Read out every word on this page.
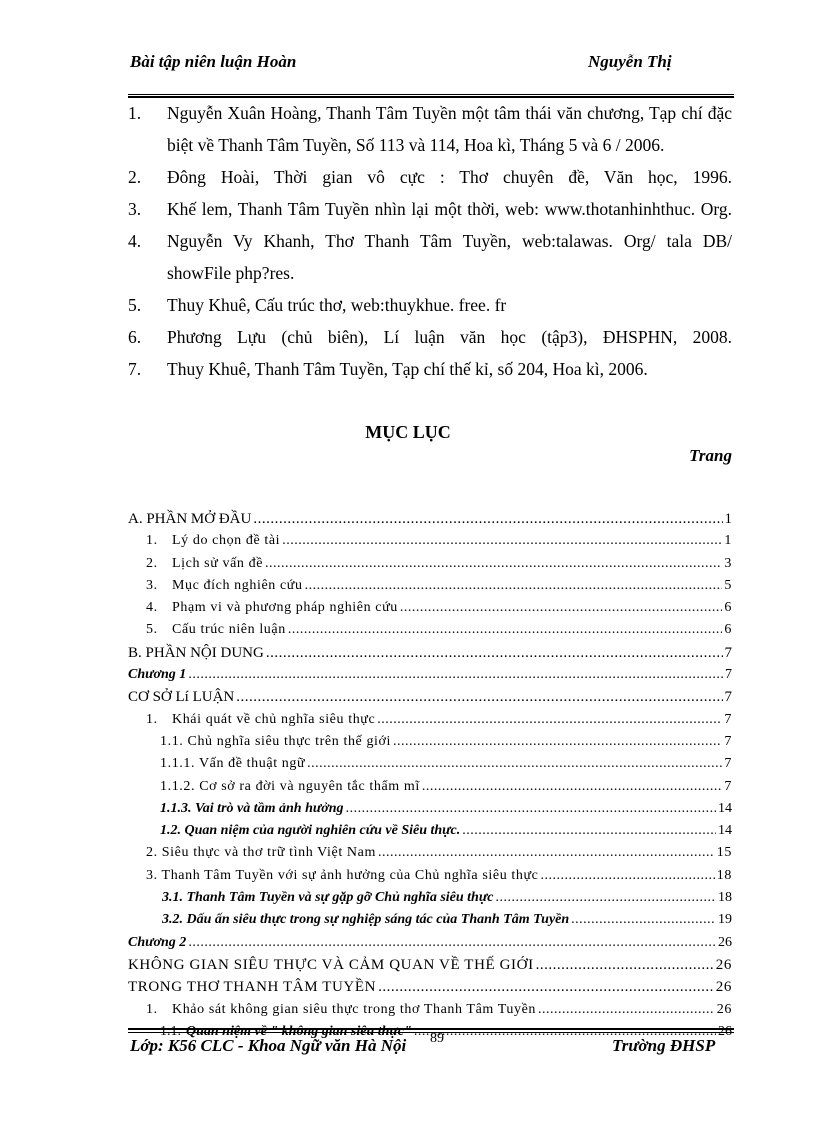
Bài tập niên luận Hoàn	Nguyễn Thị
1. Nguyễn Xuân Hoàng, Thanh Tâm Tuyền một tâm thái văn chương, Tạp chí đặc biệt về Thanh Tâm Tuyền, Số 113 và 114, Hoa kì, Tháng 5 và 6 / 2006.
2. Đông Hoài, Thời gian vô cực : Thơ chuyên đề, Văn học, 1996.
3. Khế lem, Thanh Tâm Tuyền nhìn lại một thời, web: www.thotanhinhthuc. Org.
4. Nguyễn Vy Khanh, Thơ Thanh Tâm Tuyền, web:talawas. Org/ tala DB/ showFile php?res.
5. Thuy Khuê, Cấu trúc thơ, web:thuykhue. free. fr
6. Phương Lựu (chủ biên), Lí luận văn học (tập3), ĐHSPHN, 2008.
7. Thuy Khuê, Thanh Tâm Tuyền, Tạp chí thế kỉ, số 204, Hoa kì, 2006.
MỤC LỤC
Trang
A. PHẦN MỞ ĐẦU .....	1
1. Lý do chọn đề tài .....	1
2. Lịch sử vấn đề .....	3
3. Mục đích nghiên cứu .....	5
4. Phạm vi và phương pháp nghiên cứu .....	6
5. Cấu trúc niên luận .....	6
B. PHẦN NỘI DUNG .....	7
Chương 1 .....	7
CƠ SỞ Lí LUẬN .....	7
1. Khái quát về chủ nghĩa siêu thực .....	7
1.1. Chủ nghĩa siêu thực trên thế giới .....	7
1.1.1. Vấn đề thuật ngữ .....	7
1.1.2. Cơ sở ra đời và nguyên tắc thẩm mĩ .....	7
1.1.3. Vai trò và tầm ảnh hưởng .....	14
1.2. Quan niệm của người nghiên cứu về Siêu thực. .....	14
2. Siêu thực và thơ trữ tình Việt Nam .....	15
3. Thanh Tâm Tuyền với sự ảnh hưởng của Chủ nghĩa siêu thực .....	18
3.1. Thanh Tâm Tuyền và sự gặp gỡ Chủ nghĩa siêu thực .....	18
3.2. Dấu ấn siêu thực trong sự nghiệp sáng tác của Thanh Tâm Tuyền .....	19
Chương 2 .....	26
KHÔNG GIAN SIÊU THỰC VÀ CẢM QUAN VỀ THẾ GIỚI .....	26
TRONG THƠ THANH TÂM TUYỀN .....	26
1. Khảo sát không gian siêu thực trong thơ Thanh Tâm Tuyền .....	26
.....
Lớp: K56 CLC - Khoa Ngữ văn Hà Nội	89	Trường ĐHSP
